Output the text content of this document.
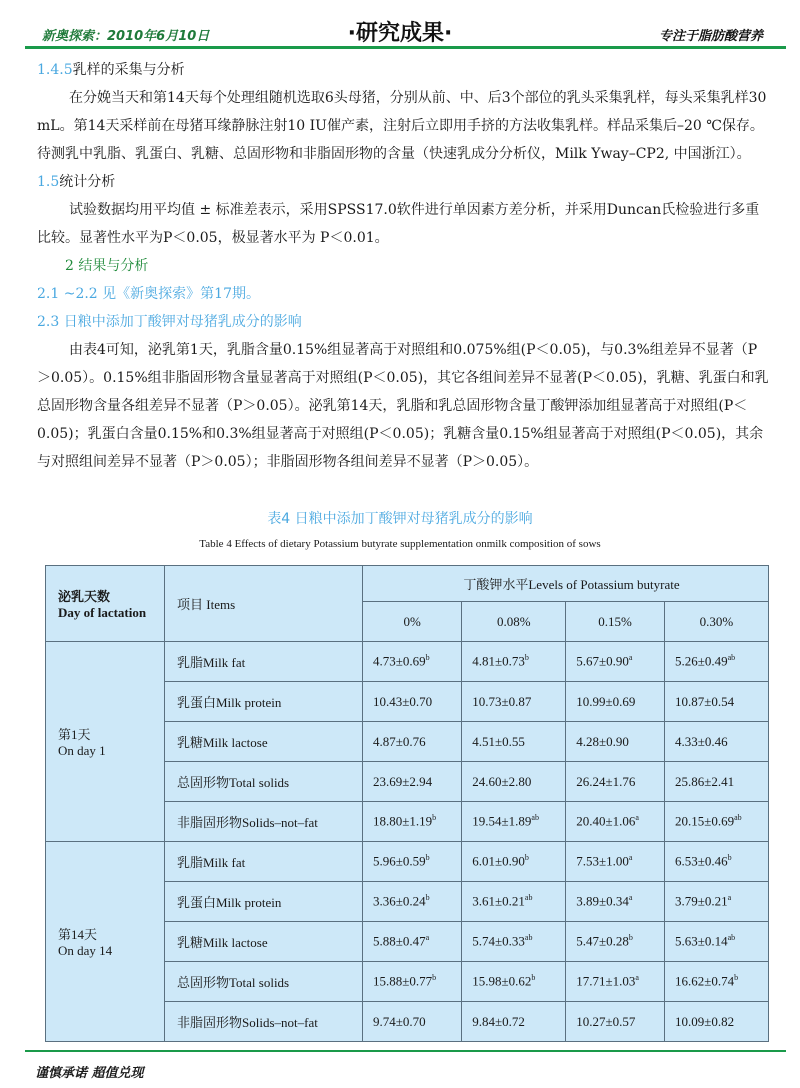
新奥探索：2010年6月10日	·研究成果·	专注于脂肪酸营养
1.4.5乳样的采集与分析
在分娩当天和第14天每个处理组随机选取6头母猪，分别从前、中、后3个部位的乳头采集乳样，每头采集乳样30 mL。第14天采样前在母猪耳缘静脉注射10 IU催产素，注射后立即用手挤的方法收集乳样。样品采集后–20 ℃保存。待测乳中乳脂、乳蛋白、乳糖、总固形物和非脂固形物的含量（快速乳成分分析仪，Milk Yway–CP2, 中国浙江）。
1.5统计分析
试验数据均用平均值 ± 标准差表示，采用SPSS17.0软件进行单因素方差分析，并采用Duncan氏检验进行多重比较。显著性水平为P＜0.05，极显著水平为 P＜0.01。
2 结果与分析
2.1 ~2.2 见《新奥探索》第17期。
2.3 日粮中添加丁酸钾对母猪乳成分的影响
由表4可知，泌乳第1天，乳脂含量0.15%组显著高于对照组和0.075%组(P＜0.05)，与0.3%组差异不显著（P＞0.05）。0.15%组非脂固形物含量显著高于对照组(P＜0.05)，其它各组间差异不显著(P＜0.05)，乳糖、乳蛋白和乳总固形物含量各组差异不显著（P＞0.05）。泌乳第14天，乳脂和乳总固形物含量丁酸钾添加组显著高于对照组(P＜0.05)；乳蛋白含量0.15%和0.3%组显著高于对照组(P＜0.05)；乳糖含量0.15%组显著高于对照组(P＜0.05)，其余与对照组间差异不显著（P＞0.05）；非脂固形物各组间差异不显著（P＞0.05）。
表4 日粮中添加丁酸钾对母猪乳成分的影响
Table 4 Effects of dietary Potassium butyrate supplementation onmilk composition of sows
泌乳天数
Day of lactation	项目 Items	丁酸钾水平Levels of Potassium butyrate			
		0%	0.08%	0.15%	0.30%
第1天
On day 1	乳脂Milk fat	4.73±0.69$^b$	4.81±0.73$^b$	5.67±0.90$^a$	5.26±0.49$^{ab}$
	乳蛋白Milk protein	10.43±0.70	10.73±0.87	10.99±0.69	10.87±0.54
	乳糖Milk lactose	4.87±0.76	4.51±0.55	4.28±0.90	4.33±0.46
	总固形物Total solids	23.69±2.94	24.60±2.80	26.24±1.76	25.86±2.41
	非脂固形物Solids–not–fat	18.80±1.19$^b$	19.54±1.89$^{ab}$	20.40±1.06$^a$	20.15±0.69$^{ab}$
第14天
On day 14	乳脂Milk fat	5.96±0.59$^b$	6.01±0.90$^b$	7.53±1.00$^a$	6.53±0.46$^b$
	乳蛋白Milk protein	3.36±0.24$^b$	3.61±0.21$^{ab}$	3.89±0.34$^a$	3.79±0.21$^a$
	乳糖Milk lactose	5.88±0.47$^a$	5.74±0.33$^{ab}$	5.47±0.28$^b$	5.63±0.14$^{ab}$
	总固形物Total solids	15.88±0.77$^b$	15.98±0.62$^b$	17.71±1.03$^a$	16.62±0.74$^b$
	非脂固形物Solids–not–fat	9.74±0.70	9.84±0.72	10.27±0.57	10.09±0.82
谨慎承诺 超值兑现
